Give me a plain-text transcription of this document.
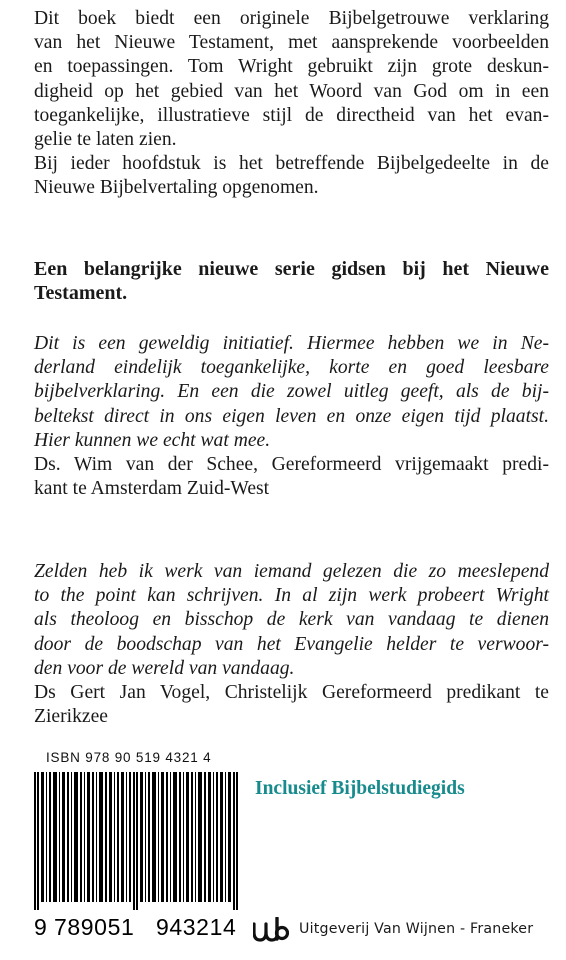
Dit boek biedt een originele Bijbelgetrouwe verklaring
van het Nieuwe Testament, met aansprekende voorbeelden
en toepassingen. Tom Wright gebruikt zijn grote deskun-
digheid op het gebied van het Woord van God om in een
toegankelijke, illustratieve stijl de directheid van het evan-
gelie te laten zien.
Bij ieder hoofdstuk is het betreffende Bijbelgedeelte in de
Nieuwe Bijbelvertaling opgenomen.
Een belangrijke nieuwe serie gidsen bij het Nieuwe
Testament.
Dit is een geweldig initiatief. Hiermee hebben we in Ne-
derland eindelijk toegankelijke, korte en goed leesbare
bijbelverklaring. En een die zowel uitleg geeft, als de bij-
beltekst direct in ons eigen leven en onze eigen tijd plaatst.
Hier kunnen we echt wat mee.
Ds. Wim van der Schee, Gereformeerd vrijgemaakt predi-
kant te Amsterdam Zuid-West
Zelden heb ik werk van iemand gelezen die zo meeslepend
to the point kan schrijven. In al zijn werk probeert Wright
als theoloog en bisschop de kerk van vandaag te dienen
door de boodschap van het Evangelie helder te verwoor-
den voor de wereld van vandaag.
Ds Gert Jan Vogel, Christelijk Gereformeerd predikant te
Zierikzee
ISBN 978 90 519 4321 4
9 789051 943214
Inclusief Bijbelstudiegids
Uitgeverij Van Wijnen - Franeker
